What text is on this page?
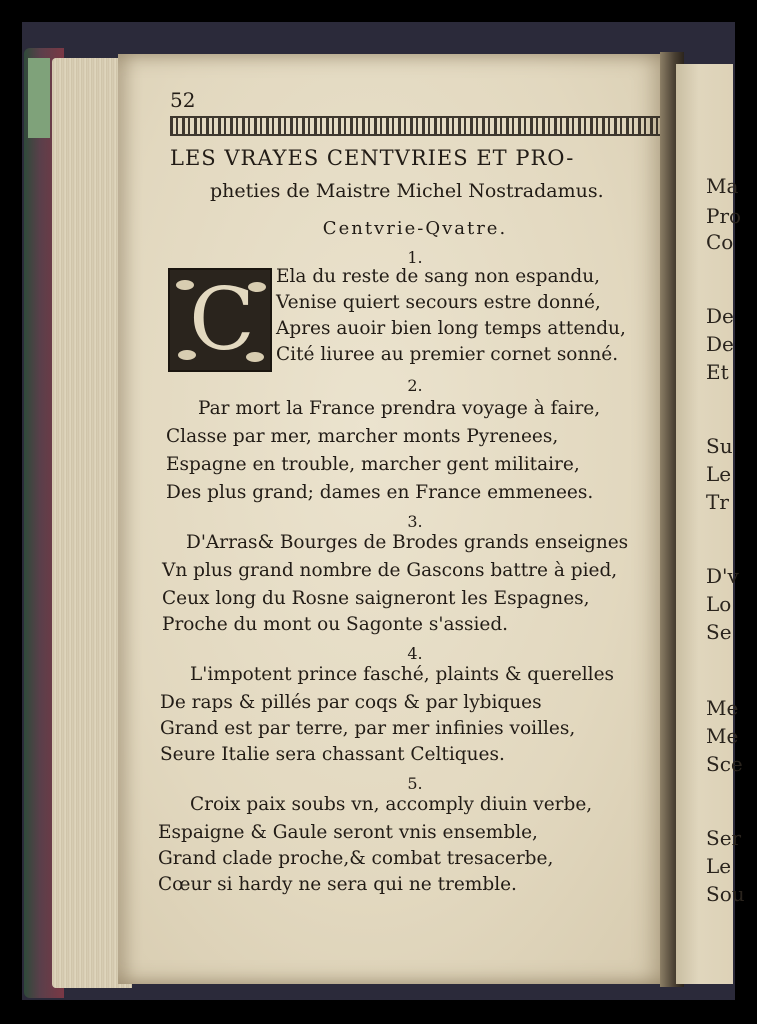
Ma
Pro
Co
De
De
Et
Su
Le
Tr
D'v
Lo
Se
Me
Me
Sce
Ser
Le
Sou
52
LES VRAYES CENTVRIES ET PRO-
pheties de Maistre Michel Nostradamus.
Centvrie-Qvatre.
1.
C Ela du reste de sang non espandu,
Venise quiert secours estre donné,
Apres auoir bien long temps attendu,
Cité liuree au premier cornet sonné.
2.
Par mort la France prendra voyage à faire,
Classe par mer, marcher monts Pyrenees,
Espagne en trouble, marcher gent militaire,
Des plus grand; dames en France emmenees.
3.
D'Arras& Bourges de Brodes grands enseignes
Vn plus grand nombre de Gascons battre à pied,
Ceux long du Rosne saigneront les Espagnes,
Proche du mont ou Sagonte s'assied.
4.
L'impotent prince fasché, plaints & querelles
De raps & pillés par coqs & par lybiques
Grand est par terre, par mer infinies voilles,
Seure Italie sera chassant Celtiques.
5.
Croix paix soubs vn, accomply diuin verbe,
Espaigne & Gaule seront vnis ensemble,
Grand clade proche,& combat tresacerbe,
Cœur si hardy ne sera qui ne tremble.
